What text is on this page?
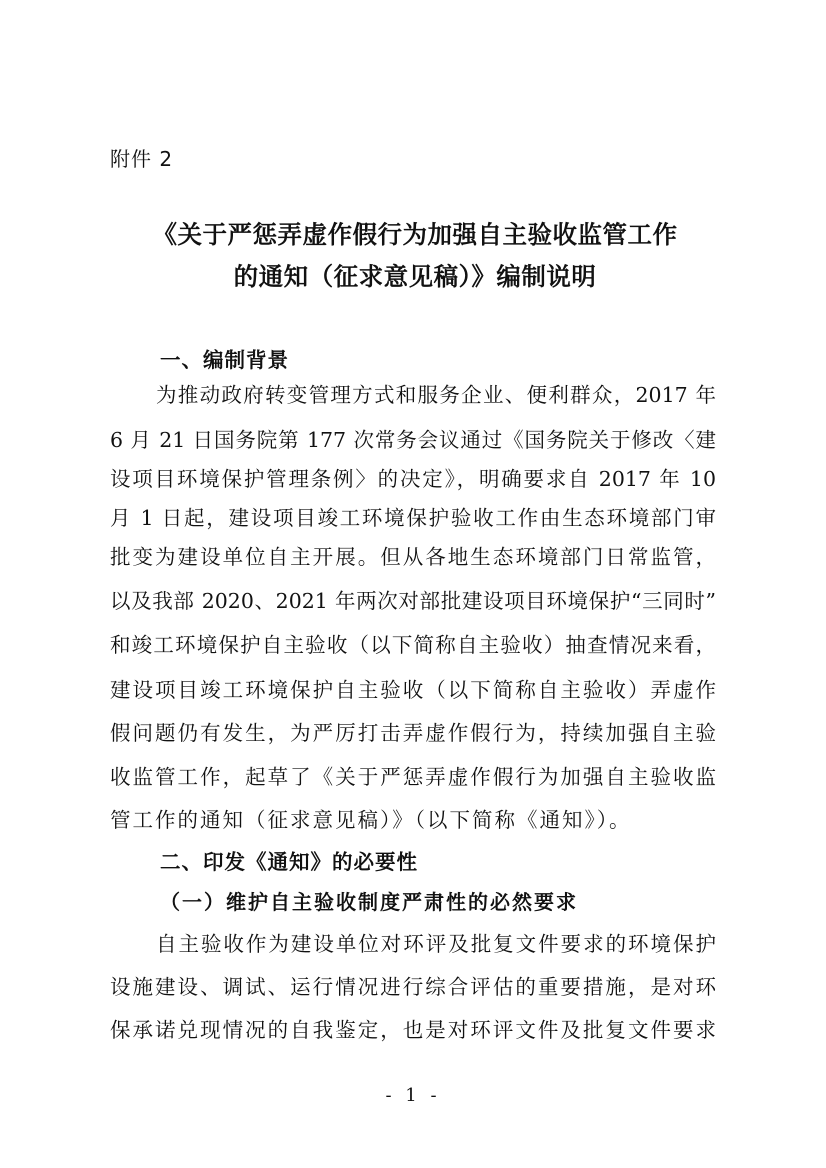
附件 2
《关于严惩弄虚作假行为加强自主验收监管工作
的通知（征求意见稿）》编制说明
一、编制背景
为推动政府转变管理方式和服务企业、便利群众，2017 年
6 月 21 日国务院第 177 次常务会议通过《国务院关于修改〈建
设项目环境保护管理条例〉的决定》，明确要求自 2017 年 10
月 1 日起，建设项目竣工环境保护验收工作由生态环境部门审
批变为建设单位自主开展。但从各地生态环境部门日常监管，
以及我部 2020、2021 年两次对部批建设项目环境保护“三同时”
和竣工环境保护自主验收（以下简称自主验收）抽查情况来看，
建设项目竣工环境保护自主验收（以下简称自主验收）弄虚作
假问题仍有发生，为严厉打击弄虚作假行为，持续加强自主验
收监管工作，起草了《关于严惩弄虚作假行为加强自主验收监
管工作的通知（征求意见稿）》（以下简称《通知》）。
二、印发《通知》的必要性
（一）维护自主验收制度严肃性的必然要求
自主验收作为建设单位对环评及批复文件要求的环境保护
设施建设、调试、运行情况进行综合评估的重要措施，是对环
保承诺兑现情况的自我鉴定，也是对环评文件及批复文件要求
- 1 -
